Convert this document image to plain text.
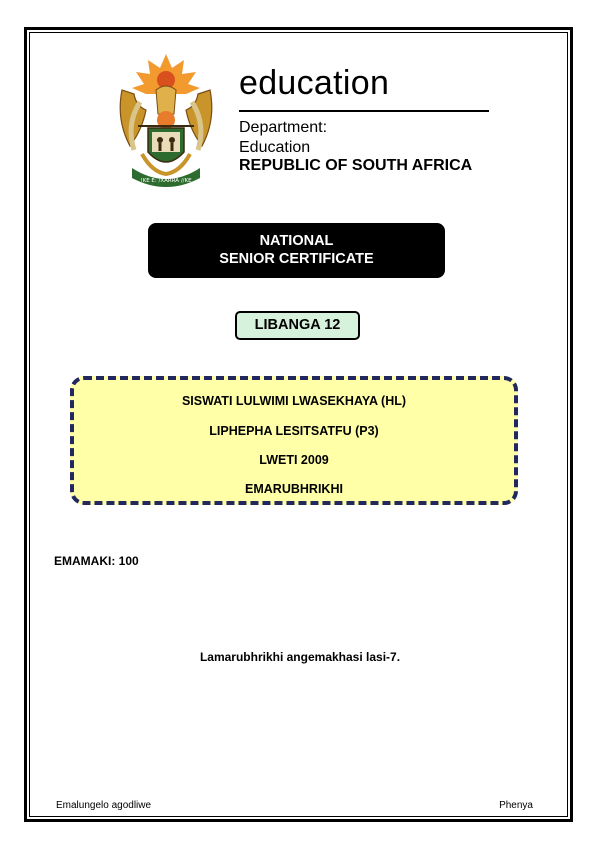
!KE E: /XARRA //KE
education
Department:
Education
REPUBLIC OF SOUTH AFRICA
NATIONAL
SENIOR CERTIFICATE
LIBANGA 12
SISWATI LULWIMI LWASEKHAYA (HL)
LIPHEPHA LESITSATFU (P3)
LWETI 2009
EMARUBHRIKHI
EMAMAKI: 100
Lamarubhrikhi angemakhasi lasi-7.
Emalungelo agodliwe	Phenya
